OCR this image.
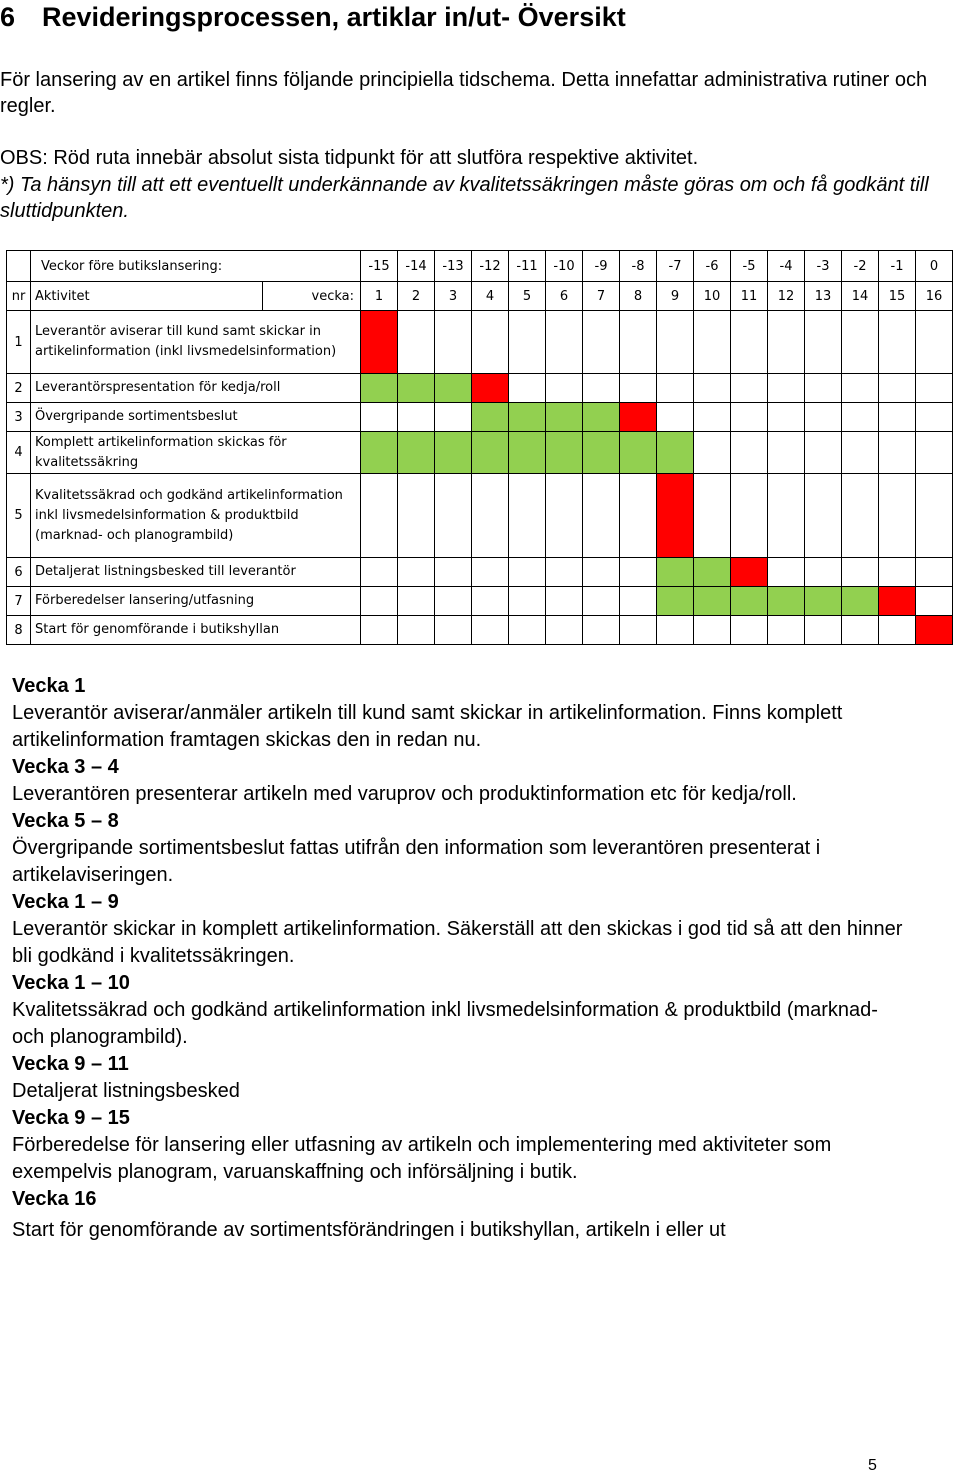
6 Revideringsprocessen, artiklar in/ut- Översikt

För lansering av en artikel finns följande principiella tidschema. Detta innefattar administrativa rutiner och regler.

OBS: Röd ruta innebär absolut sista tidpunkt för att slutföra respektive aktivitet.

*) Ta hänsyn till att ett eventuellt underkännande av kvalitetssäkringen måste göras om och få godkänt till sluttidpunkten.

	Veckor före butikslansering:		-15	-14	-13	-12	-11	-10	-9	-8	-7	-6	-5	-4	-3	-2	-1	0
nr	Aktivitet	vecka:	1	2	3	4	5	6	7	8	9	10	11	12	13	14	15	16
1	Leverantör aviserar till kund samt skickar in artikelinformation (inkl livsmedelsinformation)																	
2	Leverantörspresentation för kedja/roll																	
3	Övergripande sortimentsbeslut																	
4	Komplett artikelinformation skickas för kvalitetssäkring																	
5	Kvalitetssäkrad och godkänd artikelinformation inkl livsmedelsinformation & produktbild (marknad- och planogrambild)																	
6	Detaljerat listningsbesked till leverantör																	
7	Förberedelser lansering/utfasning																	
8	Start för genomförande i butikshyllan																	
Vecka 1
Leverantör aviserar/anmäler artikeln till kund samt skickar in artikelinformation. Finns komplett artikelinformation framtagen skickas den in redan nu.
Vecka 3 – 4
Leverantören presenterar artikeln med varuprov och produktinformation etc för kedja/roll.
Vecka 5 – 8
Övergripande sortimentsbeslut fattas utifrån den information som leverantören presenterat i artikelaviseringen.
Vecka 1 – 9
Leverantör skickar in komplett artikelinformation. Säkerställ att den skickas i god tid så att den hinner bli godkänd i kvalitetssäkringen.
Vecka 1 – 10
Kvalitetssäkrad och godkänd artikelinformation inkl livsmedelsinformation & produktbild (marknad- och planogrambild).
Vecka 9 – 11
Detaljerat listningsbesked
Vecka 9 – 15
Förberedelse för lansering eller utfasning av artikeln och implementering med aktiviteter som exempelvis planogram, varuanskaffning och införsäljning i butik.
Vecka 16
Start för genomförande av sortimentsförändringen i butikshyllan, artikeln i eller ut
5
